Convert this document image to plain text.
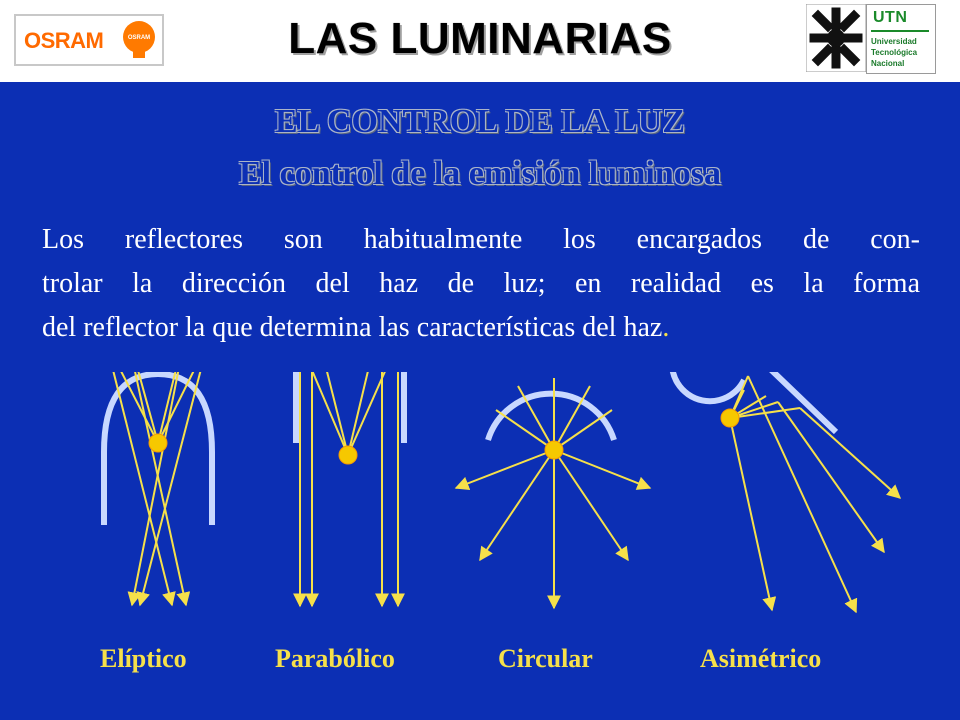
OSRAM	OSRAM	LAS LUMINARIAS	UTN
Universidad
Tecnológica
Nacional
EL CONTROL DE LA LUZ
El control de la emisión luminosa
Los reflectores son habitualmente los encargados de con-
trolar la dirección del haz de luz; en realidad es la forma
del reflector la que determina las características del haz.
Elíptico	Parabólico	Circular	Asimétrico
